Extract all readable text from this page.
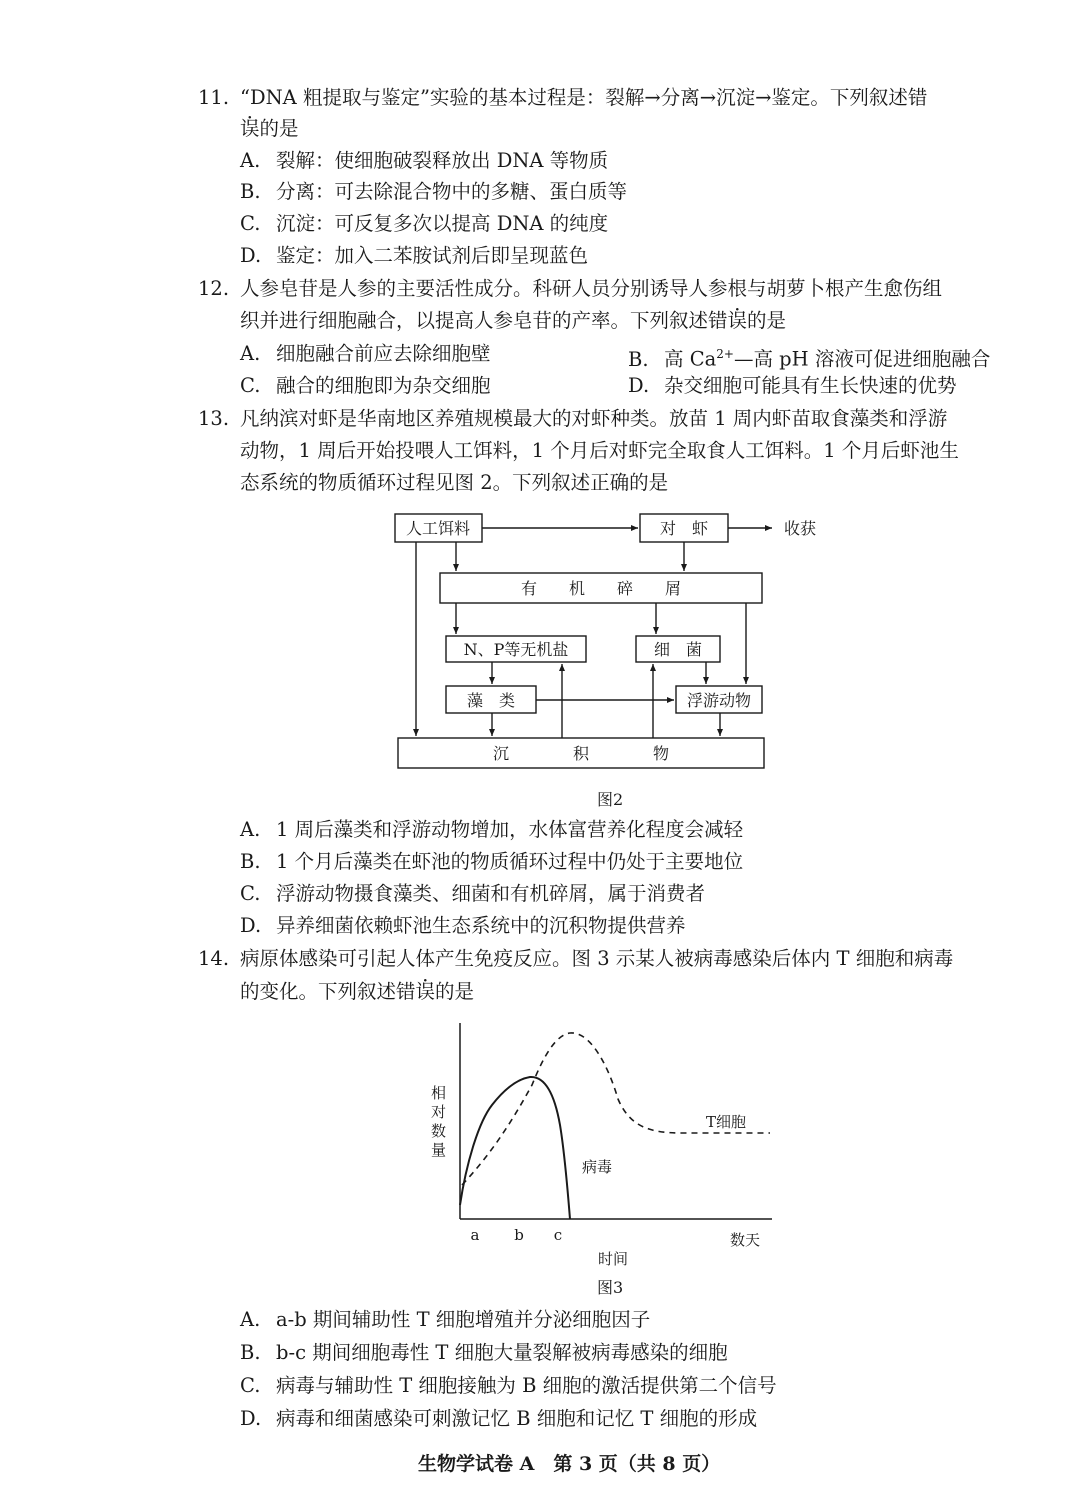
11. “DNA 粗提取与鉴定”实验的基本过程是：裂解→分离→沉淀→鉴定。下列叙述错
误的是
A. 裂解：使细胞破裂释放出 DNA 等物质
B. 分离：可去除混合物中的多糖、蛋白质等
C. 沉淀：可反复多次以提高 DNA 的纯度
D. 鉴定：加入二苯胺试剂后即呈现蓝色
12. 人参皂苷是人参的主要活性成分。科研人员分别诱导人参根与胡萝卜根产生愈伤组
织并进行细胞融合，以提高人参皂苷的产率。下列叙述错误的是
A. 细胞融合前应去除细胞壁	B. 高 $Ca^{2+}—$高 pH 溶液可促进细胞融合
C. 融合的细胞即为杂交细胞	D. 杂交细胞可能具有生长快速的优势
13. 凡纳滨对虾是华南地区养殖规模最大的对虾种类。放苗 1 周内虾苗取食藻类和浮游
动物，1 周后开始投喂人工饵料，1 个月后对虾完全取食人工饵料。1 个月后虾池生
态系统的物质循环过程见图 2。下列叙述正确的是
人工饵料	对　虾	收获
有　　机　　碎　　屑
N、P等无机盐	细　菌
藻　类	浮游动物
沉　　　　积　　　　物
图2
A. 1 周后藻类和浮游动物增加，水体富营养化程度会减轻
B. 1 个月后藻类在虾池的物质循环过程中仍处于主要地位
C. 浮游动物摄食藻类、细菌和有机碎屑，属于消费者
D. 异养细菌依赖虾池生态系统中的沉积物提供营养
14. 病原体感染可引起人体产生免疫反应。图 3 示某人被病毒感染后体内 T 细胞和病毒
的变化。下列叙述错误的是
相对数量
病毒
T细胞
a b c	数天
时间
图3
A. a-b 期间辅助性 T 细胞增殖并分泌细胞因子
B. b-c 期间细胞毒性 T 细胞大量裂解被病毒感染的细胞
C. 病毒与辅助性 T 细胞接触为 B 细胞的激活提供第二个信号
D. 病毒和细菌感染可刺激记忆 B 细胞和记忆 T 细胞的形成
生物学试卷 A　第 3 页（共 8 页）
